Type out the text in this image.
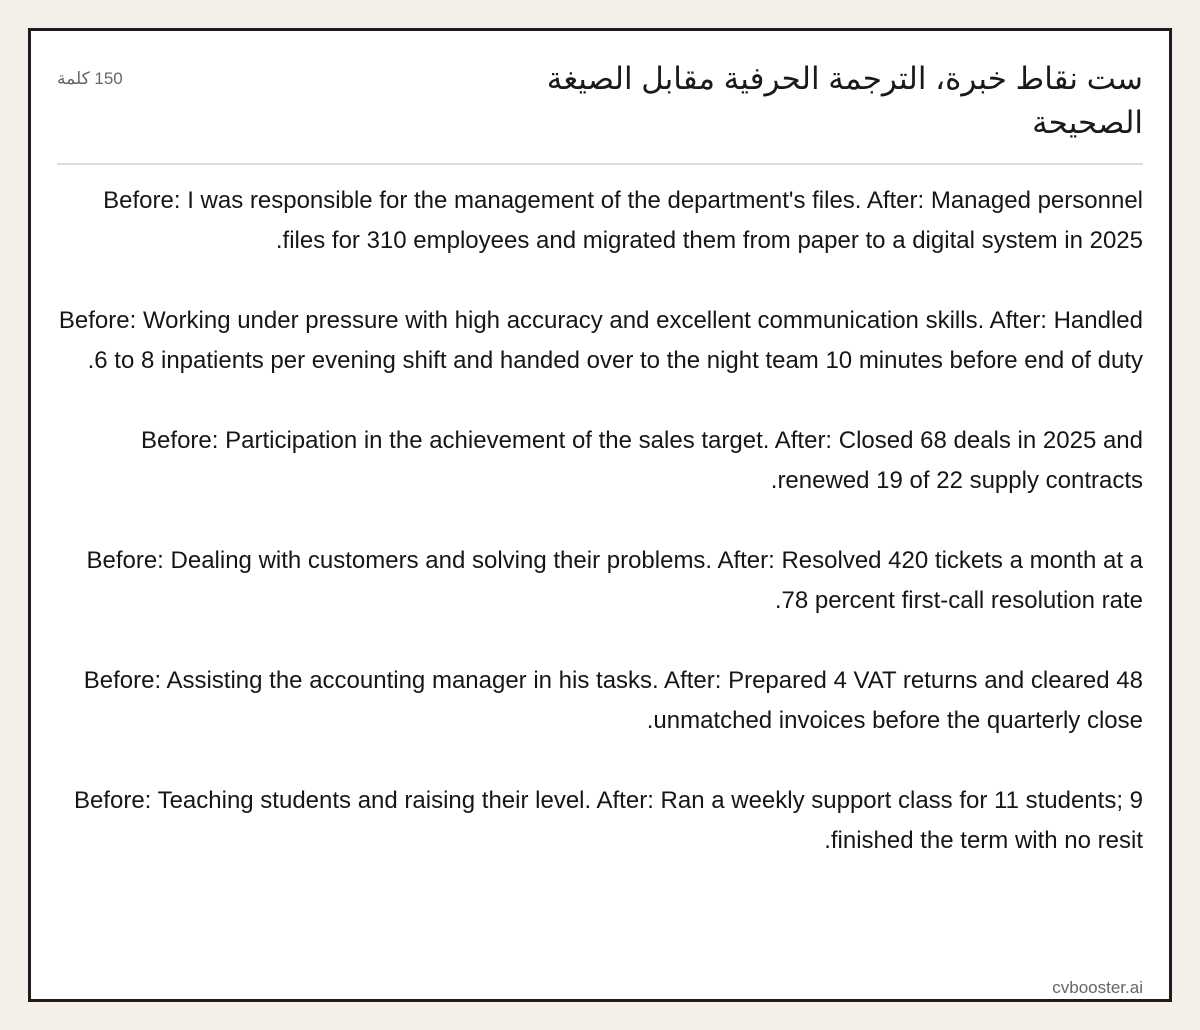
ست نقاط خبرة، الترجمة الحرفية مقابل الصيغة الصحيحة
150 كلمة

Before: I was responsible for the management of the department's files. After: Managed personnel files for 310 employees and migrated them from paper to a digital system in 2025.

Before: Working under pressure with high accuracy and excellent communication skills. After: Handled 6 to 8 inpatients per evening shift and handed over to the night team 10 minutes before end of duty.

Before: Participation in the achievement of the sales target. After: Closed 68 deals in 2025 and renewed 19 of 22 supply contracts.

Before: Dealing with customers and solving their problems. After: Resolved 420 tickets a month at a 78 percent first-call resolution rate.

Before: Assisting the accounting manager in his tasks. After: Prepared 4 VAT returns and cleared 48 unmatched invoices before the quarterly close.

Before: Teaching students and raising their level. After: Ran a weekly support class for 11 students; 9 finished the term with no resit.

cvbooster.ai
